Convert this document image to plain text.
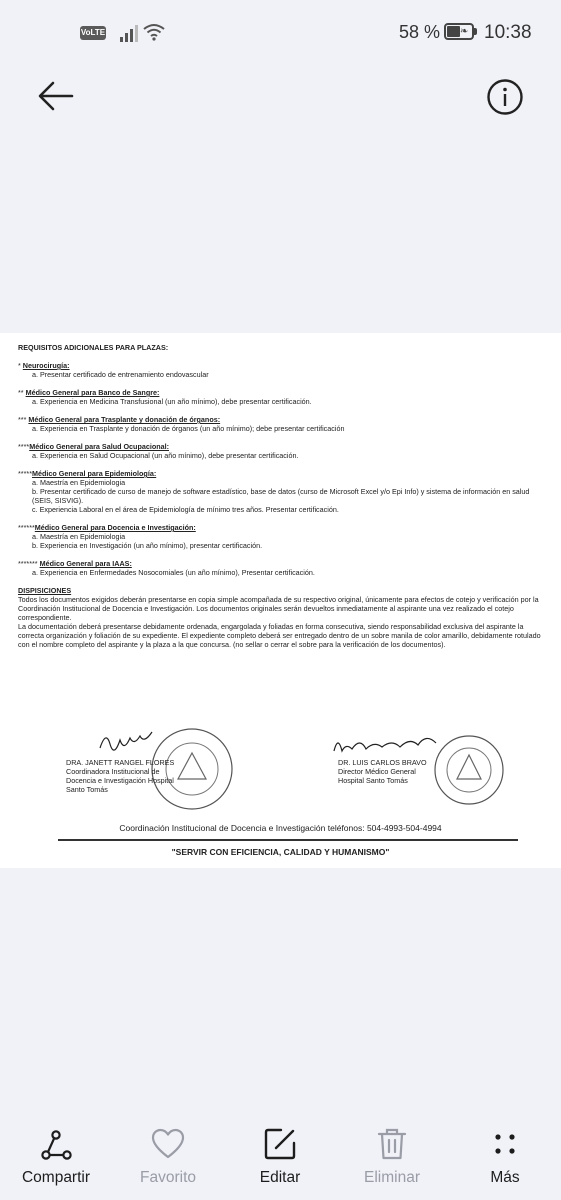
VoLTE	58 % ❧ 10:38
REQUISITOS ADICIONALES PARA PLAZAS:
* Neurocirugía:
a. Presentar certificado de entrenamiento endovascular
** Médico General para Banco de Sangre:
a. Experiencia en Medicina Transfusional (un año mínimo), debe presentar certificación.
*** Médico General para Trasplante y donación de órganos:
a. Experiencia en Trasplante y donación de órganos (un año mínimo); debe presentar certificación
****Médico General para Salud Ocupacional:
a. Experiencia en Salud Ocupacional (un año mínimo), debe presentar certificación.
*****Médico General para Epidemiología:
a. Maestría en Epidemiologia
b. Presentar certificado de curso de manejo de software estadístico, base de datos (curso de Microsoft Excel y/o Epi Info) y sistema de información en salud (SEIS, SISVIG).
c. Experiencia Laboral en el área de Epidemiología de mínimo tres años. Presentar certificación.
******Médico General para Docencia e Investigación:
a. Maestría en Epidemiologia
b. Experiencia en Investigación (un año mínimo), presentar certificación.
******* Médico General para IAAS:
a. Experiencia en Enfermedades Nosocomiales (un año mínimo), Presentar certificación.
DISPISICIONES

Todos los documentos exigidos deberán presentarse en copia simple acompañada de su respectivo original, únicamente para efectos de cotejo y verificación por la Coordinación Institucional de Docencia e Investigación. Los documentos originales serán devueltos inmediatamente al aspirante una vez realizado el cotejo correspondiente.

La documentación deberá presentarse debidamente ordenada, engargolada y foliadas en forma consecutiva, siendo responsabilidad exclusiva del aspirante la correcta organización y foliación de su expediente. El expediente completo deberá ser entregado dentro de un sobre manila de color amarillo, debidamente rotulado con el nombre completo del aspirante y la plaza a la que concursa. (no sellar o cerrar el sobre para la verificación de los documentos).

DRA. JANETT RANGEL FLORES
Coordinadora Institucional de
Docencia e Investigación Hospital
Santo Tomás
DR. LUIS CARLOS BRAVO
Director Médico General
Hospital Santo Tomás
Coordinación Institucional de Docencia e Investigación teléfonos: 504-4993-504-4994
"SERVIR CON EFICIENCIA, CALIDAD Y HUMANISMO"
Compartir	Favorito	Editar	Eliminar	Más
